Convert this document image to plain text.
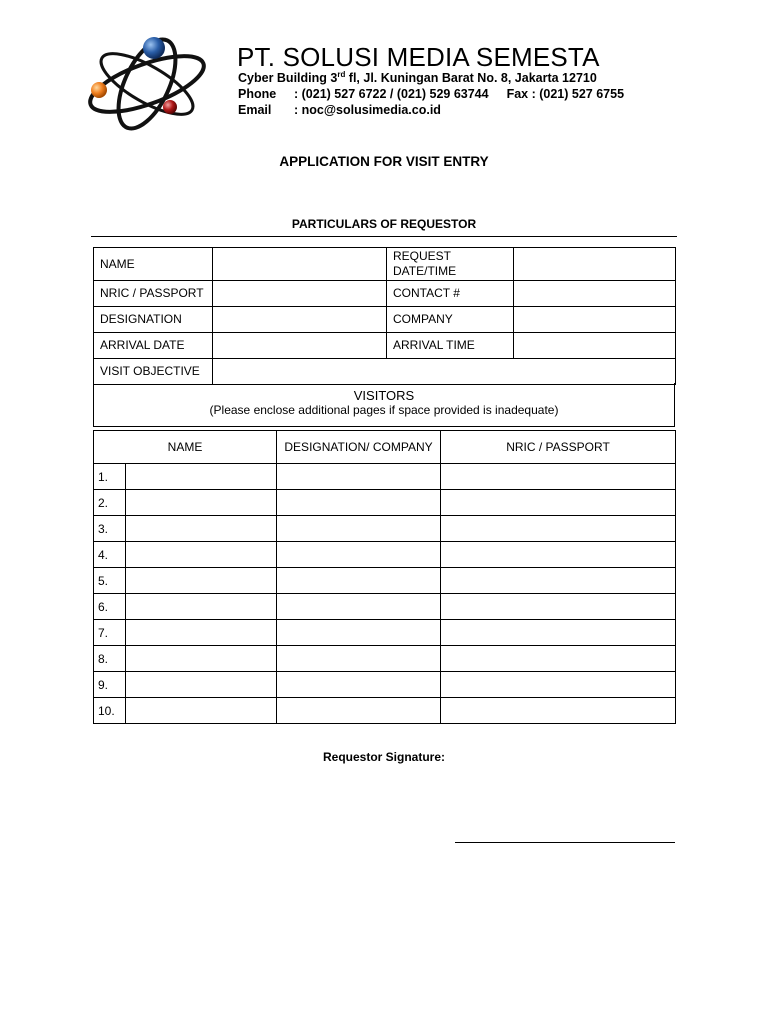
PT. SOLUSI MEDIA SEMESTA
Cyber Building 3rd fl, Jl. Kuningan Barat No. 8, Jakarta 12710
Phone : (021) 527 6722 / (021) 529 63744 Fax : (021) 527 6755
Email : noc@solusimedia.co.id
APPLICATION FOR VISIT ENTRY
PARTICULARS OF REQUESTOR
NAME		REQUEST DATE/TIME	
NRIC / PASSPORT		CONTACT #	
DESIGNATION		COMPANY	
ARRIVAL DATE		ARRIVAL TIME	
VISIT OBJECTIVE			
VISITORS
(Please enclose additional pages if space provided is inadequate)
NAME		DESIGNATION/ COMPANY	NRIC / PASSPORT
1.			
2.			
3.			
4.			
5.			
6.			
7.			
8.			
9.			
10.			
Requestor Signature:
